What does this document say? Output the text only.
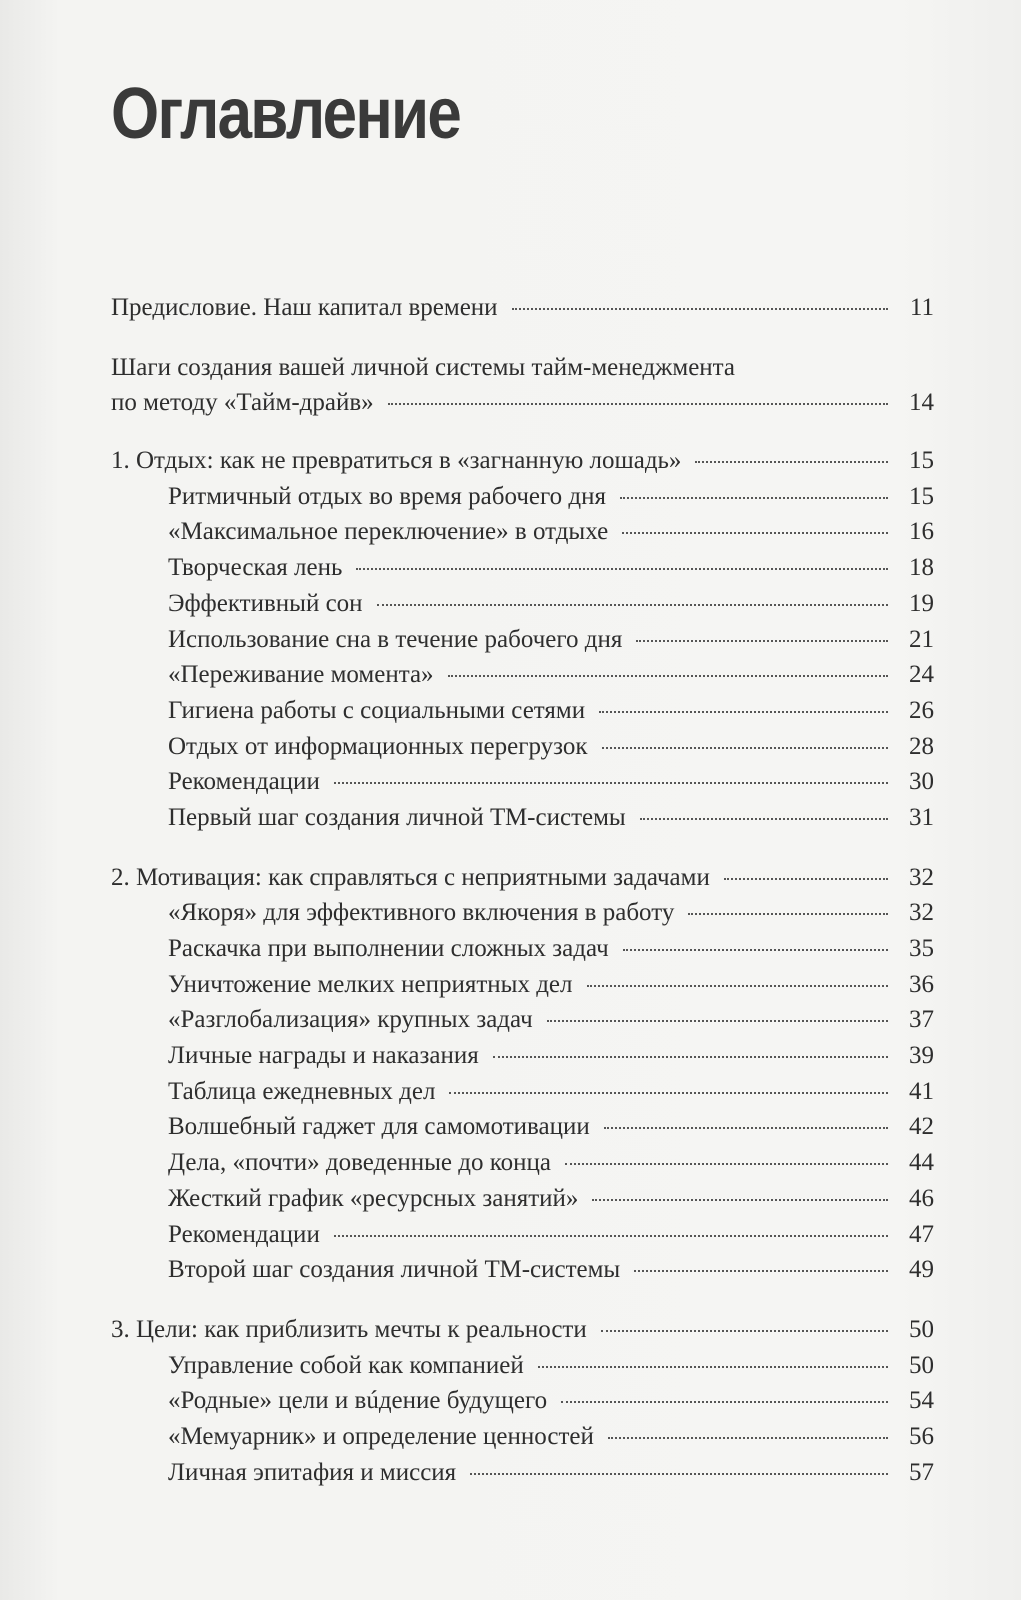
Оглавление
Предисловие. Наш капитал времени	11
Шаги создания вашей личной системы тайм-менеджмента
по методу «Тайм-драйв»	14
1. Отдых: как не превратиться в «загнанную лошадь»	15
Ритмичный отдых во время рабочего дня	15
«Максимальное переключение» в отдыхе	16
Творческая лень	18
Эффективный сон	19
Использование сна в течение рабочего дня	21
«Переживание момента»	24
Гигиена работы с социальными сетями	26
Отдых от информационных перегрузок	28
Рекомендации	30
Первый шаг создания личной ТМ-системы	31
2. Мотивация: как справляться с неприятными задачами	32
«Якоря» для эффективного включения в работу	32
Раскачка при выполнении сложных задач	35
Уничтожение мелких неприятных дел	36
«Разглобализация» крупных задач	37
Личные награды и наказания	39
Таблица ежедневных дел	41
Волшебный гаджет для самомотивации	42
Дела, «почти» доведенные до конца	44
Жесткий график «ресурсных занятий»	46
Рекомендации	47
Второй шаг создания личной ТМ-системы	49
3. Цели: как приблизить мечты к реальности	50
Управление собой как компанией	50
«Родные» цели и вúдение будущего	54
«Мемуарник» и определение ценностей	56
Личная эпитафия и миссия	57
